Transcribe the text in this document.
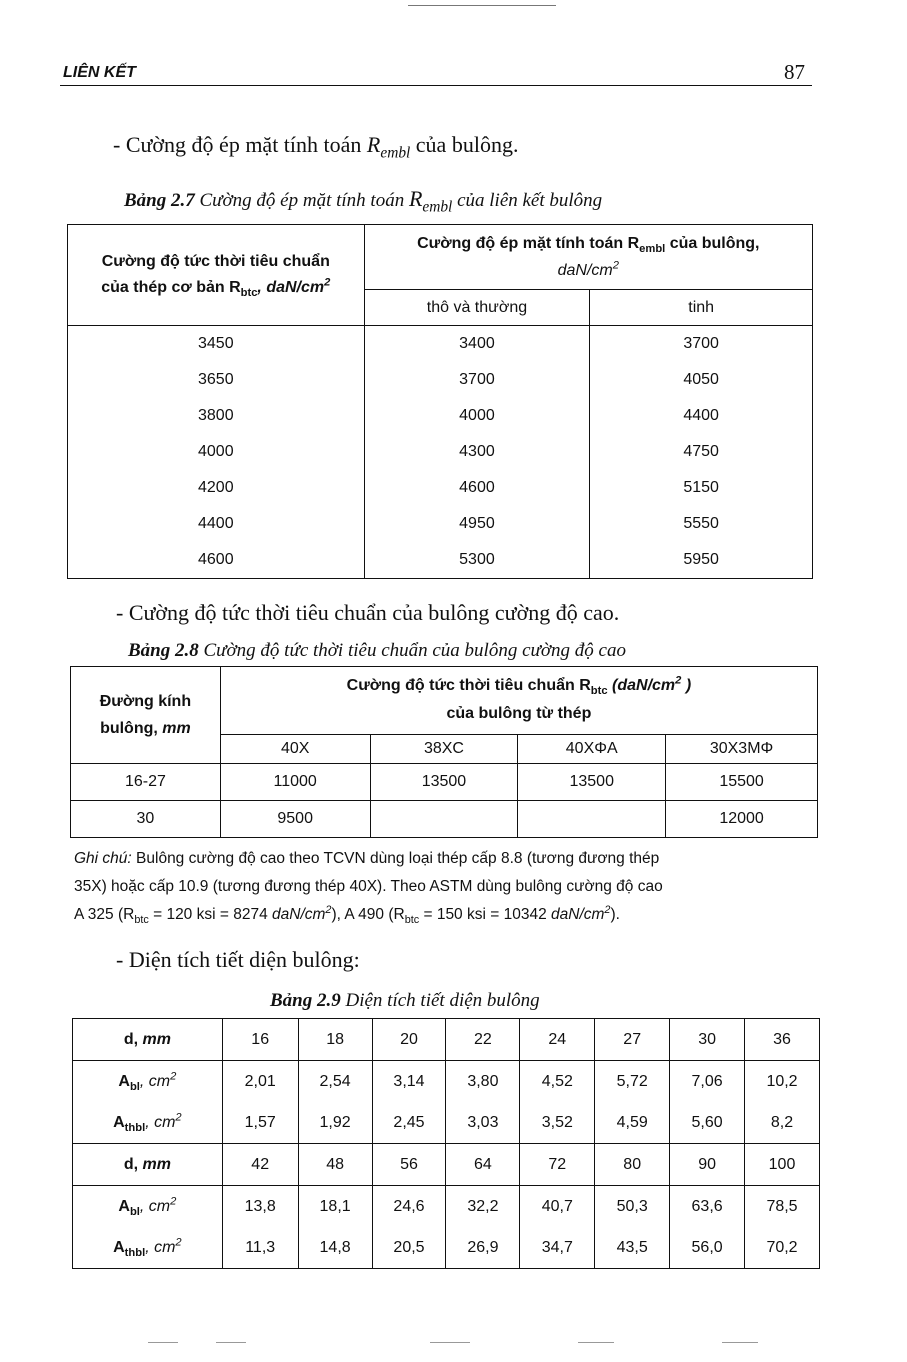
LIÊN KẾT	87
- Cường độ ép mặt tính toán $R_{embl}$ của bulông.
Bảng 2.7 Cường độ ép mặt tính toán $R_{embl}$ của liên kết bulông
Cường độ tức thời tiêu chuẩn
của thép cơ bản $R_{btc}$, daN/$cm^2$	Cường độ ép mặt tính toán $R_{embl}$ của bulông,
daN/$cm^2$
	thô và thường	tinh
3450	3400	3700
3650	3700	4050
3800	4000	4400
4000	4300	4750
4200	4600	5150
4400	4950	5550
4600	5300	5950
- Cường độ tức thời tiêu chuẩn của bulông cường độ cao.
Bảng 2.8 Cường độ tức thời tiêu chuẩn của bulông cường độ cao
Đường kính
bulông, mm	Cường độ tức thời tiêu chuẩn $R_{btc}$ ($daN/cm^2$ )
của bulông từ thép			
	40X	38XC	40XΦA	30X3MΦ
16-27	11000	13500	13500	15500
30	9500			12000
Ghi chú: Bulông cường độ cao theo TCVN dùng loại thép cấp 8.8 (tương đương thép
35X) hoặc cấp 10.9 (tương đương thép 40X). Theo ASTM dùng bulông cường độ cao
A 325 ($R_{btc} = 120$ ksi = 8274 daN/$cm^2$), A 490 ($R_{btc} = 150$ ksi = 10342 daN/$cm^2$).
- Diện tích tiết diện bulông:
Bảng 2.9 Diện tích tiết diện bulông
d, mm	16	18	20	22	24	27	30	36
$A_{bl}$, $cm^2$	2,01	2,54	3,14	3,80	4,52	5,72	7,06	10,2
$A_{thbl}$, $cm^2$	1,57	1,92	2,45	3,03	3,52	4,59	5,60	8,2
d, mm	42	48	56	64	72	80	90	100
$A_{bl}$, $cm^2$	13,8	18,1	24,6	32,2	40,7	50,3	63,6	78,5
$A_{thbl}$, $cm^2$	11,3	14,8	20,5	26,9	34,7	43,5	56,0	70,2
